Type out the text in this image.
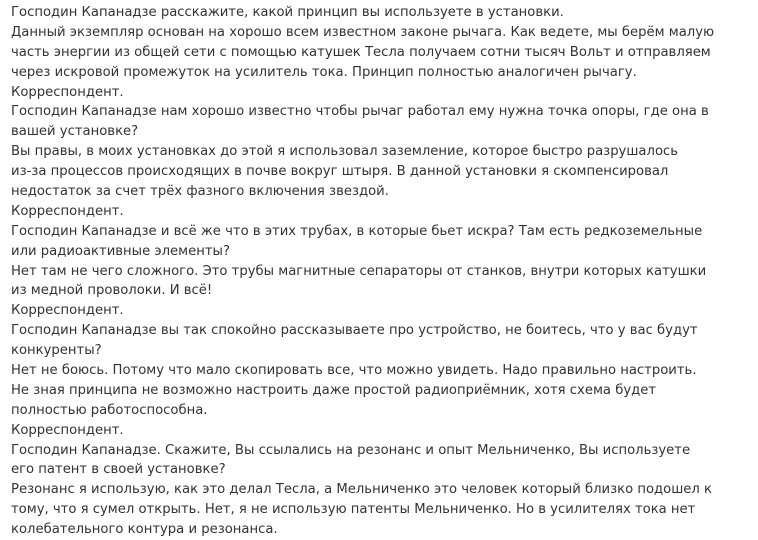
Господин Капанадзе расскажите, какой принцип вы используете в установки.
Данный экземпляр основан на хорошо всем известном законе рычага. Как ведете, мы берём малую
часть энергии из общей сети с помощью катушек Тесла получаем сотни тысяч Вольт и отправляем
через искровой промежуток на усилитель тока. Принцип полностью аналогичен рычагу.
Корреспондент.
Господин Капанадзе нам хорошо известно чтобы рычаг работал ему нужна точка опоры, где она в
вашей установке?
Вы правы, в моих установках до этой я использовал заземление, которое быстро разрушалось
из-за процессов происходящих в почве вокруг штыря. В данной установки я скомпенсировал
недостаток за счет трёх фазного включения звездой.
Корреспондент.
Господин Капанадзе и всё же что в этих трубах, в которые бьет искра? Там есть редкоземельные
или радиоактивные элементы?
Нет там не чего сложного. Это трубы магнитные сепараторы от станков, внутри которых катушки
из медной проволоки. И всё!
Корреспондент.
Господин Капанадзе вы так спокойно рассказываете про устройство, не боитесь, что у вас будут
конкуренты?
Нет не боюсь. Потому что мало скопировать все, что можно увидеть. Надо правильно настроить.
Не зная принципа не возможно настроить даже простой радиоприёмник, хотя схема будет
полностью работоспособна.
Корреспондент.
Господин Капанадзе. Скажите, Вы ссылались на резонанс и опыт Мельниченко, Вы используете
его патент в своей установке?
Резонанс я использую, как это делал Тесла, а Мельниченко это человек который близко подошел к
тому, что я сумел открыть. Нет, я не использую патенты Мельниченко. Но в усилителях тока нет
колебательного контура и резонанса.
